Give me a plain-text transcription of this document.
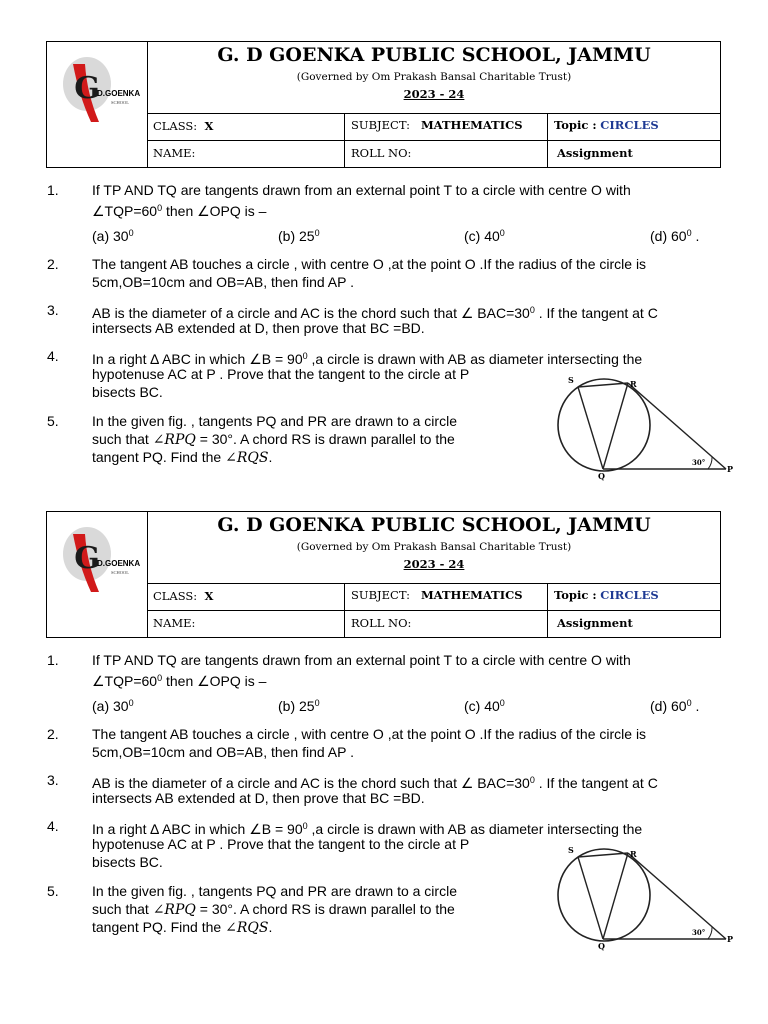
G
D.GOENKA
SCHOOL
G. D GOENKA PUBLIC SCHOOL, JAMMU
(Governed by Om Prakash Bansal Charitable Trust)
2023 - 24
CLASS: X	SUBJECT: MATHEMATICS	Topic : CIRCLES
NAME:	ROLL NO:	Assignment
1. If TP AND TQ are tangents drawn from an external point T to a circle with centre O with
$\angle TQP=60^0$ then ∠OPQ is –
(a) $30^0$	(b) $25^0$	(c) $40^0$	(d) $60^0$ .
2. The tangent AB touches a circle , with centre O ,at the point O .If the radius of the circle is
5cm,OB=10cm and OB=AB, then find AP .
3. AB is the diameter of a circle and AC is the chord such that ∠ $BAC=30^0$ . If the tangent at C
intersects AB extended at D, then prove that BC =BD.
4. In a right ∆ ABC in which ∠B = $90^0$ ,a circle is drawn with AB as diameter intersecting the
hypotenuse AC at P . Prove that the tangent to the circle at P
bisects BC.
5. In the given fig. , tangents PQ and PR are drawn to a circle
such that ∠RPQ = 30°. A chord RS is drawn parallel to the
tangent PQ. Find the ∠RQS.
S	R
Q
P
30°
G
D.GOENKA
SCHOOL
G. D GOENKA PUBLIC SCHOOL, JAMMU
(Governed by Om Prakash Bansal Charitable Trust)
2023 - 24
CLASS: X	SUBJECT: MATHEMATICS	Topic : CIRCLES
NAME:	ROLL NO:	Assignment
1. If TP AND TQ are tangents drawn from an external point T to a circle with centre O with
$\angle TQP=60^0$ then ∠OPQ is –
(a) $30^0$	(b) $25^0$	(c) $40^0$	(d) $60^0$ .
2. The tangent AB touches a circle , with centre O ,at the point O .If the radius of the circle is
5cm,OB=10cm and OB=AB, then find AP .
3. AB is the diameter of a circle and AC is the chord such that ∠ $BAC=30^0$ . If the tangent at C
intersects AB extended at D, then prove that BC =BD.
4. In a right ∆ ABC in which ∠B = $90^0$ ,a circle is drawn with AB as diameter intersecting the
hypotenuse AC at P . Prove that the tangent to the circle at P
bisects BC.
5. In the given fig. , tangents PQ and PR are drawn to a circle
such that ∠RPQ = 30°. A chord RS is drawn parallel to the
tangent PQ. Find the ∠RQS.
S	R
Q
P
30°
